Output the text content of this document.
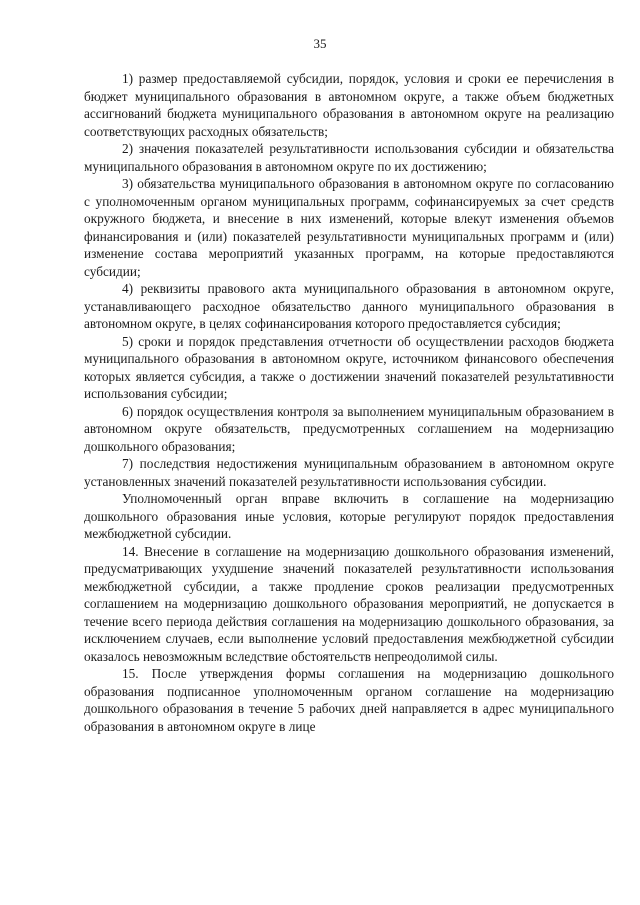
35

1) размер предоставляемой субсидии, порядок, условия и сроки ее перечисления в бюджет муниципального образования в автономном округе, а также объем бюджетных ассигнований бюджета муниципального образования в автономном округе на реализацию соответствующих расходных обязательств;

2) значения показателей результативности использования субсидии и обязательства муниципального образования в автономном округе по их достижению;

3) обязательства муниципального образования в автономном округе по согласованию с уполномоченным органом муниципальных программ, софинансируемых за счет средств окружного бюджета, и внесение в них изменений, которые влекут изменения объемов финансирования и (или) показателей результативности муниципальных программ и (или) изменение состава мероприятий указанных программ, на которые предоставляются субсидии;

4) реквизиты правового акта муниципального образования в автономном округе, устанавливающего расходное обязательство данного муниципального образования в автономном округе, в целях софинансирования которого предоставляется субсидия;

5) сроки и порядок представления отчетности об осуществлении расходов бюджета муниципального образования в автономном округе, источником финансового обеспечения которых является субсидия, а также о достижении значений показателей результативности использования субсидии;

6) порядок осуществления контроля за выполнением муниципальным образованием в автономном округе обязательств, предусмотренных соглашением на модернизацию дошкольного образования;

7) последствия недостижения муниципальным образованием в автономном округе установленных значений показателей результативности использования субсидии.

Уполномоченный орган вправе включить в соглашение на модернизацию дошкольного образования иные условия, которые регулируют порядок предоставления межбюджетной субсидии.

14. Внесение в соглашение на модернизацию дошкольного образования изменений, предусматривающих ухудшение значений показателей результативности использования межбюджетной субсидии, а также продление сроков реализации предусмотренных соглашением на модернизацию дошкольного образования мероприятий, не допускается в течение всего периода действия соглашения на модернизацию дошкольного образования, за исключением случаев, если выполнение условий предоставления межбюджетной субсидии оказалось невозможным вследствие обстоятельств непреодолимой силы.

15. После утверждения формы соглашения на модернизацию дошкольного образования подписанное уполномоченным органом соглашение на модернизацию дошкольного образования в течение 5 рабочих дней направляется в адрес муниципального образования в автономном округе в лице
